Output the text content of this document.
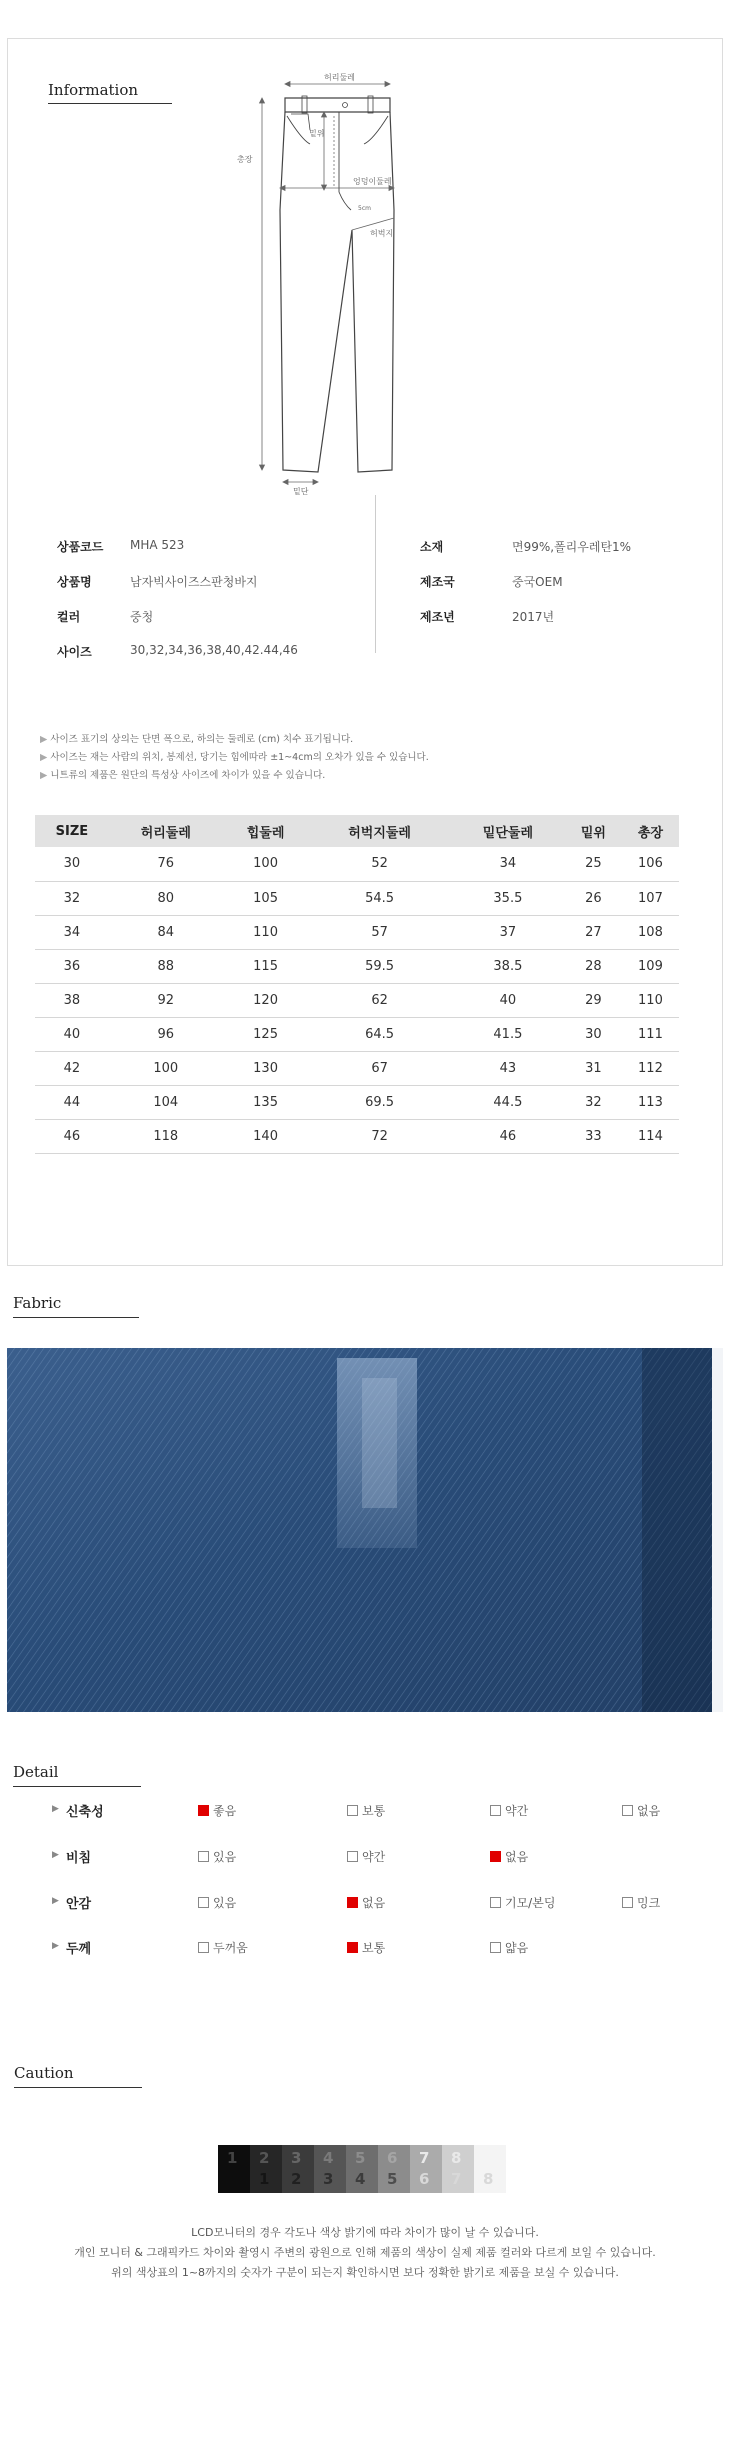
Information
허리둘레
총장
밑위
엉덩이둘레
5cm
허벅지
밑단
상품코드 MHA 523
상품명	남자빅사이즈스판청바지
컬러	중청
사이즈	30,32,34,36,38,40,42.44,46
소재	면99%,폴리우레탄1%
제조국	중국OEM
제조년	2017년
▶ 사이즈 표기의 상의는 단면 폭으로, 하의는 둘레로 (cm) 치수 표기됩니다.
▶ 사이즈는 재는 사람의 위치, 봉제선, 당기는 힘에따라 ±1~4cm의 오차가 있을 수 있습니다.
▶ 니트류의 제품은 원단의 특성상 사이즈에 차이가 있을 수 있습니다.
SIZE	허리둘레	힙둘레	허벅지둘레	밑단둘레	밑위	총장
30	76	100	52	34	25	106
32	80	105	54.5	35.5	26	107
34	84	110	57	37	27	108
36	88	115	59.5	38.5	28	109
38	92	120	62	40	29	110
40	96	125	64.5	41.5	30	111
42	100	130	67	43	31	112
44	104	135	69.5	44.5	32	113
46	118	140	72	46	33	114
Fabric
Detail
▶ 신축성	좋음	보통	약간	없음
▶ 비침	있음	약간	없음
▶ 안감	있음	없음	기모/본딩	밍크
▶ 두께	두꺼움	보통	얇음
Caution
1 2
1
3
2
4
3
5
4
6
5
7
6
8
7 8
LCD모니터의 경우 각도나 색상 밝기에 따라 차이가 많이 날 수 있습니다.
개인 모니터 & 그래픽카드 차이와 촬영시 주변의 광원으로 인해 제품의 색상이 실제 제품 컬러와 다르게 보일 수 있습니다.
위의 색상표의 1~8까지의 숫자가 구분이 되는지 확인하시면 보다 정확한 밝기로 제품을 보실 수 있습니다.
